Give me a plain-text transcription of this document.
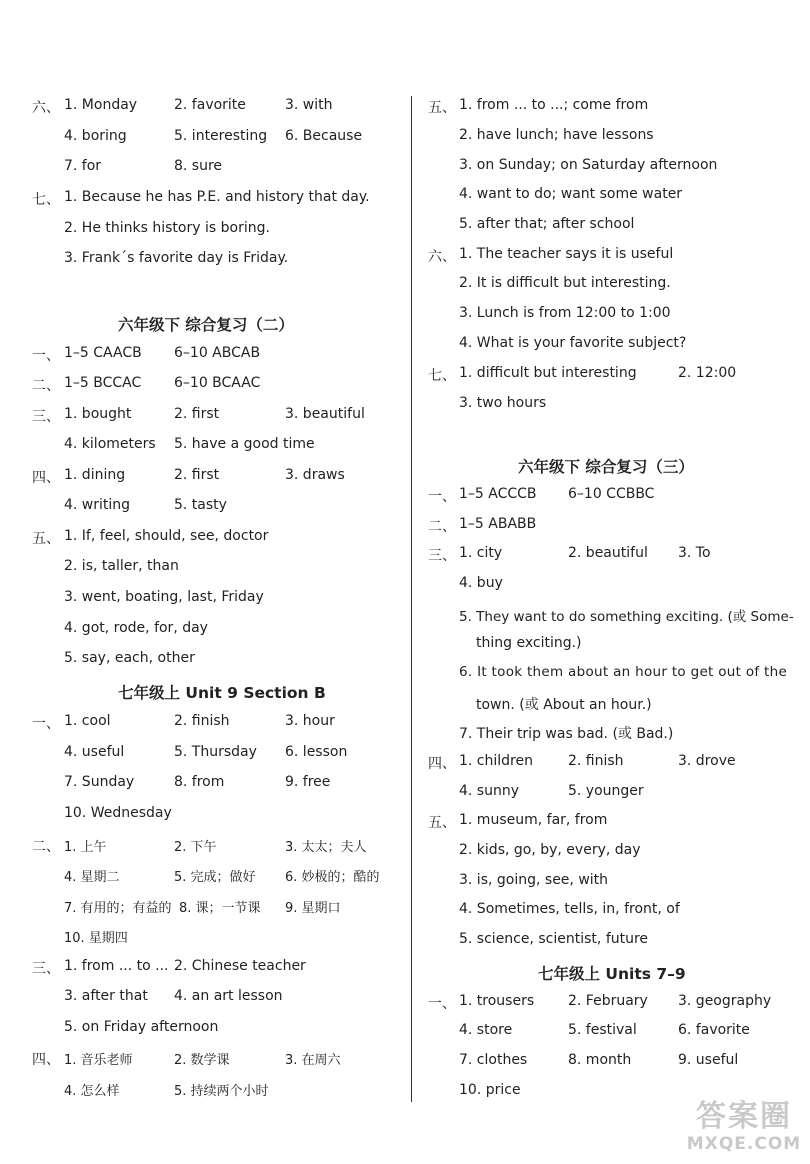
六、 1. Monday	2. favorite	3. with
4. boring	5. interesting 6. Because
7. for	8. sure
七、 1. Because he has P.E. and history that day.
2. He thinks history is boring.
3. Frank´s favorite day is Friday.
六年级下 综合复习（二）
一、 1–5 CAACB 6–10 ABCAB
二、 1–5 BCCAC 6–10 BCAAC
三、 1. bought	2. first	3. beautiful
4. kilometers 5. have a good time
四、 1. dining	2. first	3. draws
4. writing	5. tasty
五、 1. If, feel, should, see, doctor
2. is, taller, than
3. went, boating, last, Friday
4. got, rode, for, day
5. say, each, other
七年级上 Unit 9 Section B
一、 1. cool	2. finish	3. hour
4. useful	5. Thursday 6. lesson
7. Sunday	8. from	9. free
10. Wednesday
二、 1. 上午	2. 下午	3. 太太；夫人
4. 星期二	5. 完成；做好 6. 妙极的；酷的
7. 有用的；有益的 8. 课；一节课 9. 星期口
10. 星期四
三、 1. from ... to ... 2. Chinese teacher
3. after that 4. an art lesson
5. on Friday afternoon
四、 1. 音乐老师	2. 数学课	3. 在周六
4. 怎么样	5. 持续两个小时
五、 1. from ... to ...; come from
2. have lunch; have lessons
3. on Sunday; on Saturday afternoon
4. want to do; want some water
5. after that; after school
六、 1. The teacher says it is useful
2. It is difficult but interesting.
3. Lunch is from 12:00 to 1:00
4. What is your favorite subject?
七、 1. difficult but interesting	2. 12:00
3. two hours
六年级下 综合复习（三）
一、 1–5 ACCCB 6–10 CCBBC
二、 1–5 ABABB
三、 1. city	2. beautiful 3. To
4. buy
5. They want to do something exciting. (或 Some-
thing exciting.)
6. It took them about an hour to get out of the
town. (或 About an hour.)
7. Their trip was bad. (或 Bad.)
四、 1. children	2. finish	3. drove
4. sunny	5. younger
五、 1. museum, far, from
2. kids, go, by, every, day
3. is, going, see, with
4. Sometimes, tells, in, front, of
5. science, scientist, future
七年级上 Units 7–9
一、 1. trousers 2. February 3. geography
4. store	5. festival	6. favorite
7. clothes	8. month	9. useful
10. price
答案圈
MXQE.COM
